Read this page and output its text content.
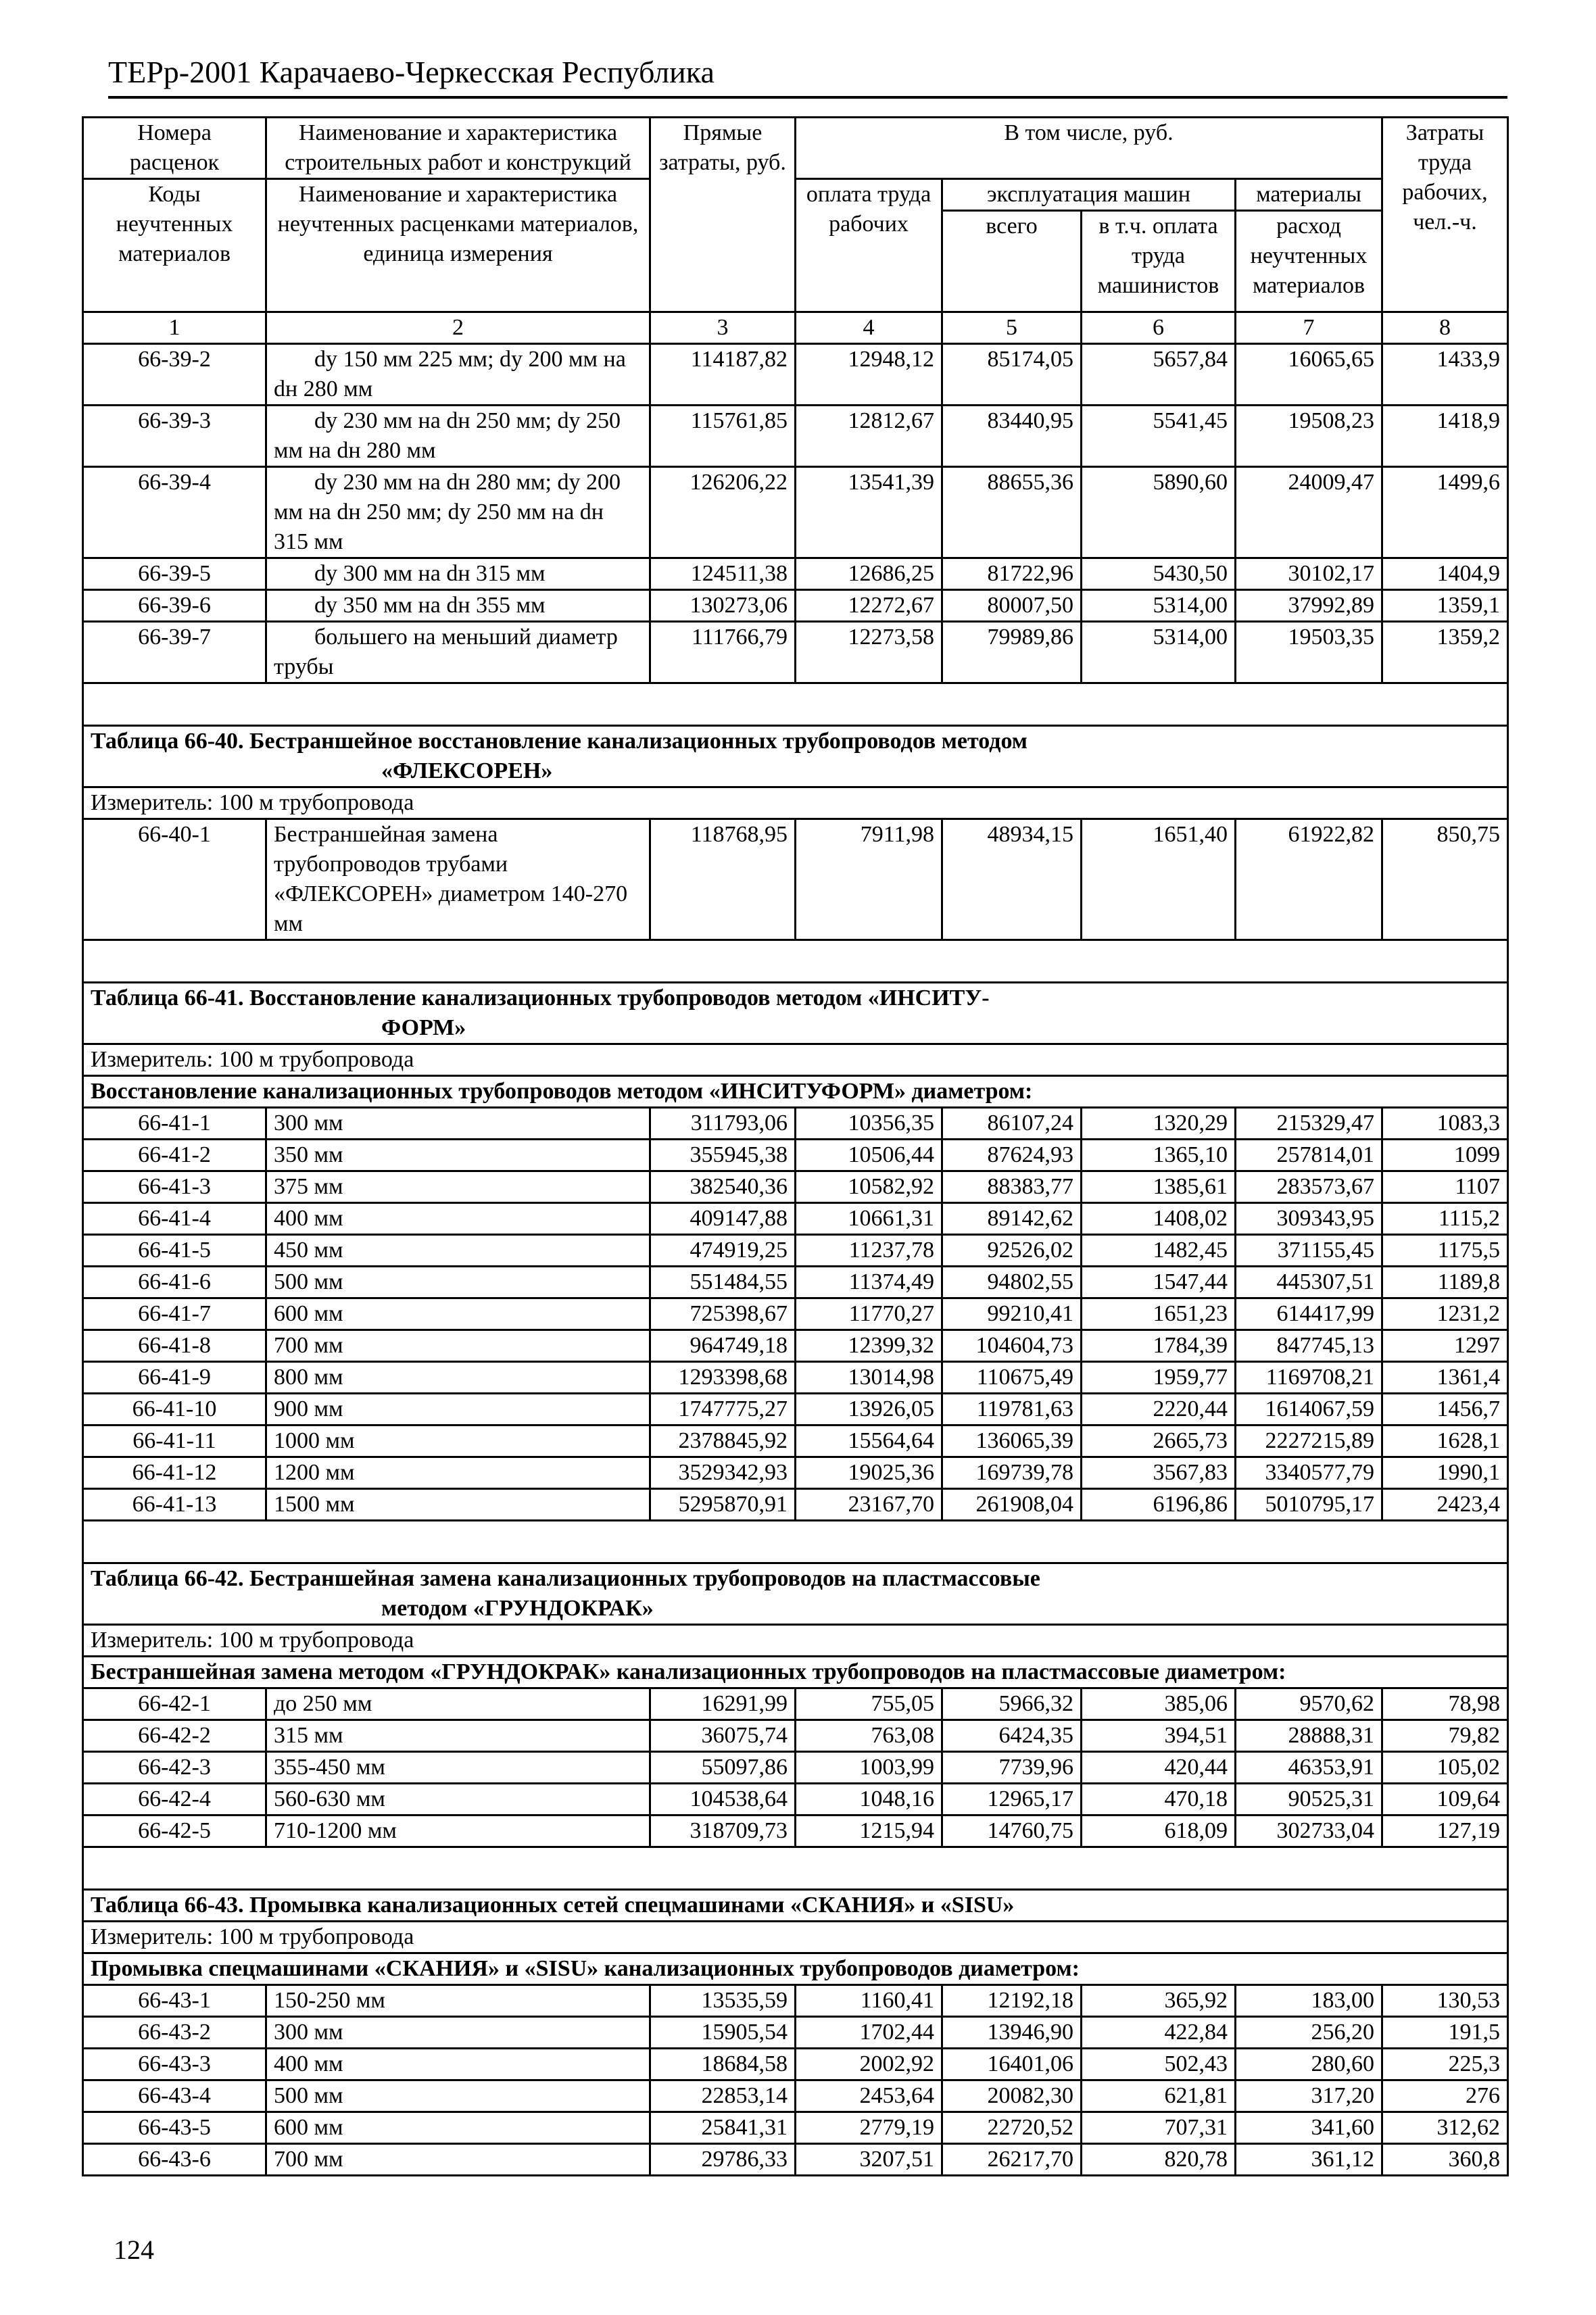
ТЕРр-2001 Карачаево-Черкесская Республика
Номера расценок	Наименование и характеристика строительных работ и конструкций	Прямые затраты, руб.	В том числе, руб.				Затраты труда рабочих, чел.-ч.
Коды неучтенных материалов	Наименование и характеристика неучтенных расценками материалов, единица измерения		оплата труда рабочих	эксплуатация машин		материалы	
				всего	в т.ч. оплата труда машинистов	расход неучтенных материалов	
1	2	3	4	5	6	7	8
66-39-2	dy 150 мм 225 мм; dy 200 мм на dн 280 мм	114187,82	12948,12	85174,05	5657,84	16065,65	1433,9
66-39-3	dy 230 мм на dн 250 мм; dy 250 мм на dн 280 мм	115761,85	12812,67	83440,95	5541,45	19508,23	1418,9
66-39-4	dy 230 мм на dн 280 мм; dy 200 мм на dн 250 мм; dy 250 мм на dн 315 мм	126206,22	13541,39	88655,36	5890,60	24009,47	1499,6
66-39-5	dy 300 мм на dн 315 мм	124511,38	12686,25	81722,96	5430,50	30102,17	1404,9
66-39-6	dy 350 мм на dн 355 мм	130273,06	12272,67	80007,50	5314,00	37992,89	1359,1
66-39-7	большего на меньший диаметр трубы	111766,79	12273,58	79989,86	5314,00	19503,35	1359,2

Таблица 66-40. Бестраншейное восстановление канализационных трубопроводов методом
«ФЛЕКСОРЕН»							

Измеритель: 100 м трубопровода							
66-40-1	Бестраншейная замена трубопроводов трубами «ФЛЕКСОРЕН» диаметром 140-270 мм	118768,95	7911,98	48934,15	1651,40	61922,82	850,75

Таблица 66-41. Восстановление канализационных трубопроводов методом «ИНСИТУ-
ФОРМ»							

Измеритель: 100 м трубопровода							
Восстановление канализационных трубопроводов методом «ИНСИТУФОРМ» диаметром:							
66-41-1	300 мм	311793,06	10356,35	86107,24	1320,29	215329,47	1083,3
66-41-2	350 мм	355945,38	10506,44	87624,93	1365,10	257814,01	1099
66-41-3	375 мм	382540,36	10582,92	88383,77	1385,61	283573,67	1107
66-41-4	400 мм	409147,88	10661,31	89142,62	1408,02	309343,95	1115,2
66-41-5	450 мм	474919,25	11237,78	92526,02	1482,45	371155,45	1175,5
66-41-6	500 мм	551484,55	11374,49	94802,55	1547,44	445307,51	1189,8
66-41-7	600 мм	725398,67	11770,27	99210,41	1651,23	614417,99	1231,2
66-41-8	700 мм	964749,18	12399,32	104604,73	1784,39	847745,13	1297
66-41-9	800 мм	1293398,68	13014,98	110675,49	1959,77	1169708,21	1361,4
66-41-10	900 мм	1747775,27	13926,05	119781,63	2220,44	1614067,59	1456,7
66-41-11	1000 мм	2378845,92	15564,64	136065,39	2665,73	2227215,89	1628,1
66-41-12	1200 мм	3529342,93	19025,36	169739,78	3567,83	3340577,79	1990,1
66-41-13	1500 мм	5295870,91	23167,70	261908,04	6196,86	5010795,17	2423,4

Таблица 66-42. Бестраншейная замена канализационных трубопроводов на пластмассовые
методом «ГРУНДОКРАК»							

Измеритель: 100 м трубопровода							
Бестраншейная замена методом «ГРУНДОКРАК» канализационных трубопроводов на пластмассовые диаметром:							
66-42-1	до 250 мм	16291,99	755,05	5966,32	385,06	9570,62	78,98
66-42-2	315 мм	36075,74	763,08	6424,35	394,51	28888,31	79,82
66-42-3	355-450 мм	55097,86	1003,99	7739,96	420,44	46353,91	105,02
66-42-4	560-630 мм	104538,64	1048,16	12965,17	470,18	90525,31	109,64
66-42-5	710-1200 мм	318709,73	1215,94	14760,75	618,09	302733,04	127,19

Таблица 66-43. Промывка канализационных сетей спецмашинами «СКАНИЯ» и «SISU»							
Измеритель: 100 м трубопровода							
Промывка спецмашинами «СКАНИЯ» и «SISU» канализационных трубопроводов диаметром:							
66-43-1	150-250 мм	13535,59	1160,41	12192,18	365,92	183,00	130,53
66-43-2	300 мм	15905,54	1702,44	13946,90	422,84	256,20	191,5
66-43-3	400 мм	18684,58	2002,92	16401,06	502,43	280,60	225,3
66-43-4	500 мм	22853,14	2453,64	20082,30	621,81	317,20	276
66-43-5	600 мм	25841,31	2779,19	22720,52	707,31	341,60	312,62
66-43-6	700 мм	29786,33	3207,51	26217,70	820,78	361,12	360,8
124
